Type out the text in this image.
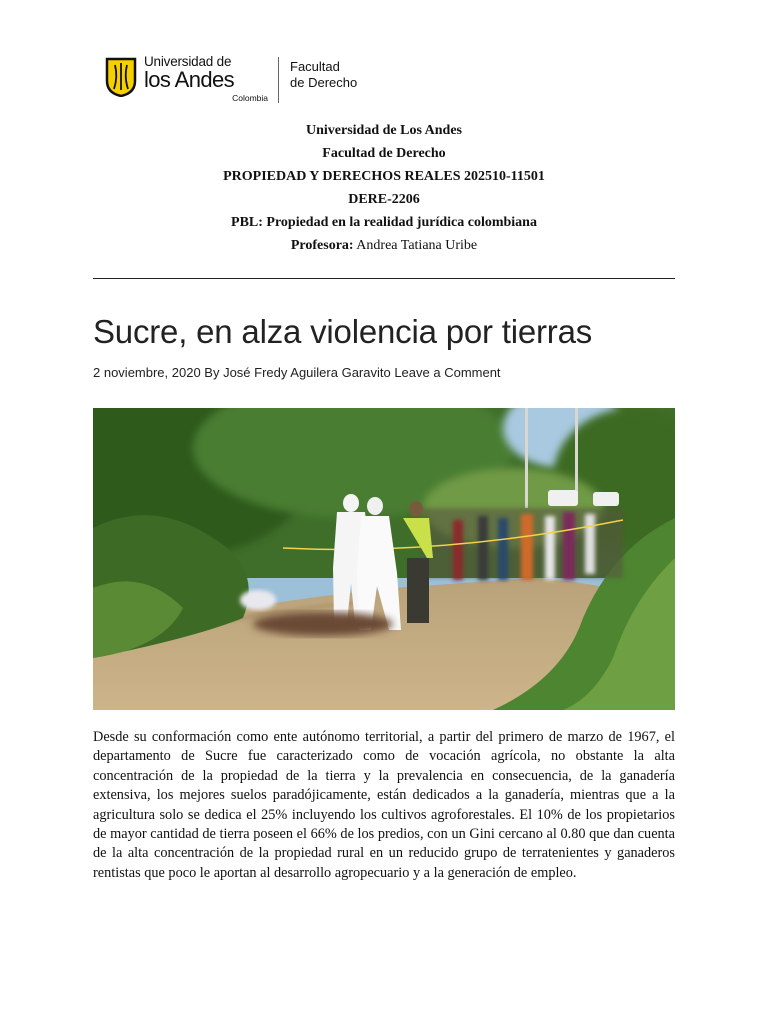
Universidad de
los Andes
Colombia
Facultad
de Derecho
Universidad de Los Andes
Facultad de Derecho
PROPIEDAD Y DERECHOS REALES 202510-11501
DERE-2206
PBL: Propiedad en la realidad jurídica colombiana
Profesora: Andrea Tatiana Uribe
Sucre, en alza violencia por tierras
2 noviembre, 2020 By José Fredy Aguilera Garavito Leave a Comment

Desde su conformación como ente autónomo territorial, a partir del primero de marzo de 1967, el departamento de Sucre fue caracterizado como de vocación agrícola, no obstante la alta concentración de la propiedad de la tierra y la prevalencia en consecuencia, de la ganadería extensiva, los mejores suelos paradójicamente, están dedicados a la ganadería, mientras que a la agricultura solo se dedica el 25% incluyendo los cultivos agroforestales. El 10% de los propietarios de mayor cantidad de tierra poseen el 66% de los predios, con un Gini cercano al 0.80 que dan cuenta de la alta concentración de la propiedad rural en un reducido grupo de terratenientes y ganaderos rentistas que poco le aportan al desarrollo agropecuario y a la generación de empleo.
